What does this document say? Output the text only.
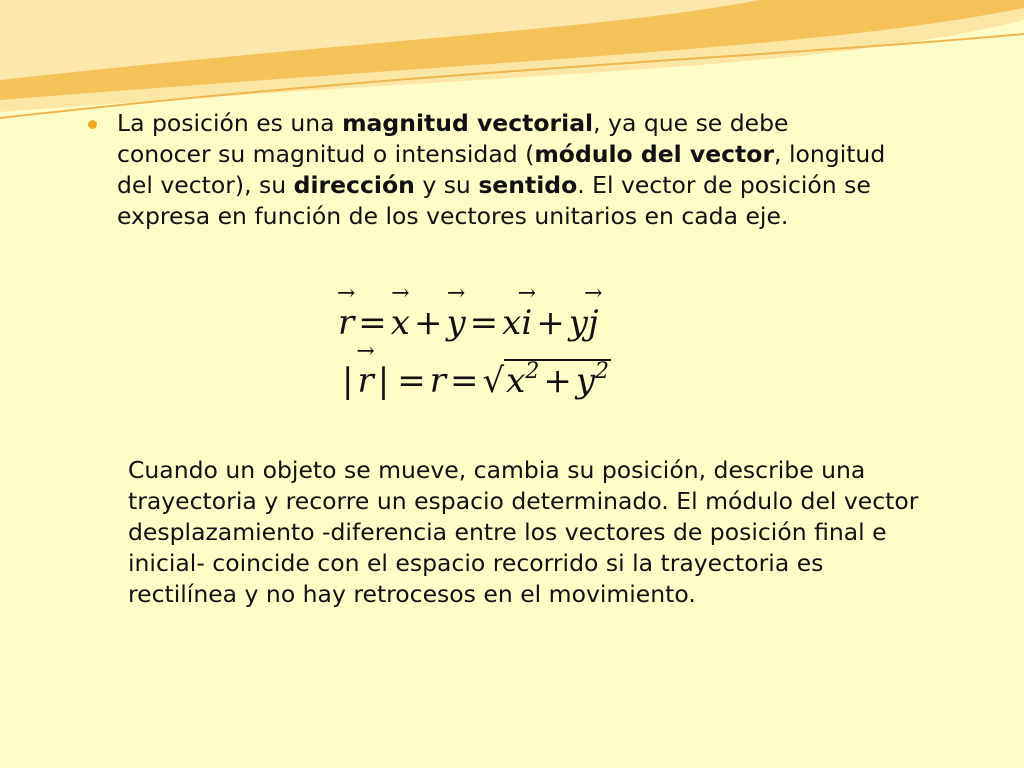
La posición es una magnitud vectorial, ya que se debe conocer su magnitud o intensidad (módulo del vector, longitud del vector), su dirección y su sentido. El vector de posición se expresa en función de los vectores unitarios en cada eje.
r → = x → + y → = xi → + yj →
| r → | = $r = √x^2 + y^2$
Cuando un objeto se mueve, cambia su posición, describe una trayectoria y recorre un espacio determinado. El módulo del vector desplazamiento -diferencia entre los vectores de posición final e inicial- coincide con el espacio recorrido si la trayectoria es rectilínea y no hay retrocesos en el movimiento.
